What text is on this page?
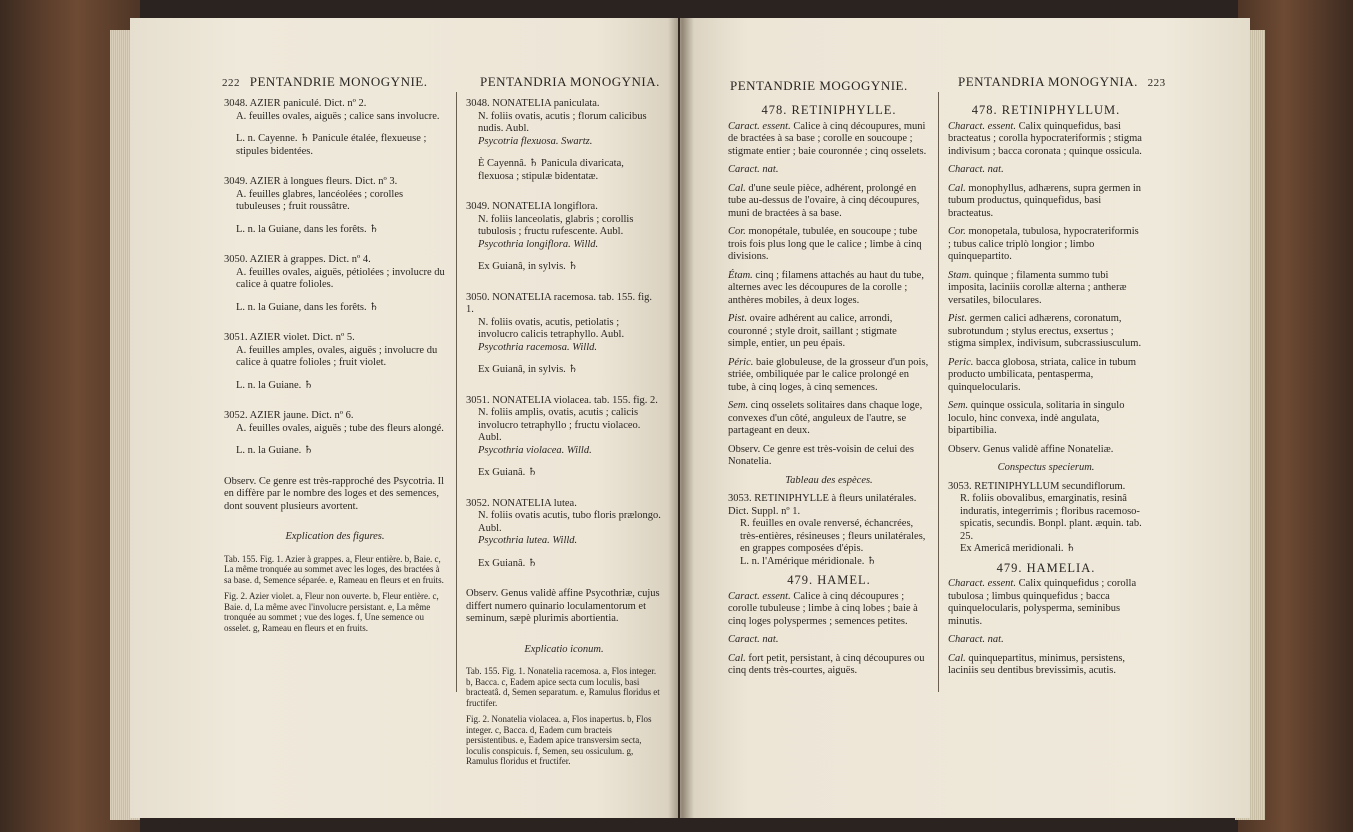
222 PENTANDRIE MONOGYNIE.	PENTANDRIA MONOGYNIA.

3048. AZIER paniculé. Dict. nº 2.

A. feuilles ovales, aiguës ; calice sans involucre.

L. n. Cayenne. ♄ Panicule étalée, flexueuse ; stipules bidentées.

3049. AZIER à longues fleurs. Dict. nº 3.

A. feuilles glabres, lancéolées ; corolles tubuleuses ; fruit roussâtre.

L. n. la Guiane, dans les forêts. ♄

3050. AZIER à grappes. Dict. nº 4.

A. feuilles ovales, aiguës, pétiolées ; involucre du calice à quatre folioles.

L. n. la Guiane, dans les forêts. ♄

3051. AZIER violet. Dict. nº 5.

A. feuilles amples, ovales, aiguës ; involucre du calice à quatre folioles ; fruit violet.

L. n. la Guiane. ♄

3052. AZIER jaune. Dict. nº 6.

A. feuilles ovales, aiguës ; tube des fleurs alongé.

L. n. la Guiane. ♄

Observ. Ce genre est très-rapproché des Psycotria. Il en diffère par le nombre des loges et des semences, dont souvent plusieurs avortent.

Explication des figures.

Tab. 155. Fig. 1. Azier à grappes. a, Fleur entière. b, Baie. c, La même tronquée au sommet avec les loges, des bractées à sa base. d, Semence séparée. e, Rameau en fleurs et en fruits.

Fig. 2. Azier violet. a, Fleur non ouverte. b, Fleur entière. c, Baie. d, La même avec l'involucre persistant. e, La même tronquée au sommet ; vue des loges. f, Une semence ou osselet. g, Rameau en fleurs et en fruits.

3048. NONATELIA paniculata.

N. foliis ovatis, acutis ; florum calicibus nudis. Aubl.

Psycotria flexuosa. Swartz.

È Cayennâ. ♄ Panicula divaricata, flexuosa ; stipulæ bidentatæ.

3049. NONATELIA longiflora.

N. foliis lanceolatis, glabris ; corollis tubulosis ; fructu rufescente. Aubl.

Psycothria longiflora. Willd.

Ex Guianâ, in sylvis. ♄

3050. NONATELIA racemosa. tab. 155. fig. 1.

N. foliis ovatis, acutis, petiolatis ; involucro calicis tetraphyllo. Aubl.

Psycothria racemosa. Willd.

Ex Guianâ, in sylvis. ♄

3051. NONATELIA violacea. tab. 155. fig. 2.

N. foliis amplis, ovatis, acutis ; calicis involucro tetraphyllo ; fructu violaceo. Aubl.

Psycothria violacea. Willd.

Ex Guianâ. ♄

3052. NONATELIA lutea.

N. foliis ovatis acutis, tubo floris prælongo. Aubl.

Psycothria lutea. Willd.

Ex Guianâ. ♄

Observ. Genus validè affine Psycothriæ, cujus differt numero quinario loculamentorum et seminum, sæpè plurimis abortientia.

Explicatio iconum.

Tab. 155. Fig. 1. Nonatelia racemosa. a, Flos integer. b, Bacca. c, Eadem apice secta cum loculis, basi bracteatâ. d, Semen separatum. e, Ramulus floridus et fructifer.

Fig. 2. Nonatelia violacea. a, Flos inapertus. b, Flos integer. c, Bacca. d, Eadem cum bracteis persistentibus. e, Eadem apice transversim secta, loculis conspicuis. f, Semen, seu ossiculum. g, Ramulus floridus et fructifer.

PENTANDRIE MOGOGYNIE.	PENTANDRIA MONOGYNIA. 223

478. RETINIPHYLLE.

Caract. essent. Calice à cinq découpures, muni de bractées à sa base ; corolle en soucoupe ; stigmate entier ; baie couronnée ; cinq osselets.

Caract. nat.

Cal. d'une seule pièce, adhérent, prolongé en tube au-dessus de l'ovaire, à cinq découpures, muni de bractées à sa base.

Cor. monopétale, tubulée, en soucoupe ; tube trois fois plus long que le calice ; limbe à cinq divisions.

Étam. cinq ; filamens attachés au haut du tube, alternes avec les découpures de la corolle ; anthères mobiles, à deux loges.

Pist. ovaire adhérent au calice, arrondi, couronné ; style droit, saillant ; stigmate simple, entier, un peu épais.

Péric. baie globuleuse, de la grosseur d'un pois, striée, ombiliquée par le calice prolongé en tube, à cinq loges, à cinq semences.

Sem. cinq osselets solitaires dans chaque loge, convexes d'un côté, anguleux de l'autre, se partageant en deux.

Observ. Ce genre est très-voisin de celui des Nonatelia.

Tableau des espèces.

3053. RETINIPHYLLE à fleurs unilatérales. Dict. Suppl. nº 1.

R. feuilles en ovale renversé, échancrées, très-entières, résineuses ; fleurs unilatérales, en grappes composées d'épis.

L. n. l'Amérique méridionale. ♄

479. HAMEL.

Caract. essent. Calice à cinq découpures ; corolle tubuleuse ; limbe à cinq lobes ; baie à cinq loges polyspermes ; semences petites.

Caract. nat.

Cal. fort petit, persistant, à cinq découpures ou cinq dents très-courtes, aiguës.

478. RETINIPHYLLUM.

Charact. essent. Calix quinquefidus, basi bracteatus ; corolla hypocrateriformis ; stigma indivisum ; bacca coronata ; quinque ossicula.

Charact. nat.

Cal. monophyllus, adhærens, supra germen in tubum productus, quinquefidus, basi bracteatus.

Cor. monopetala, tubulosa, hypocrateriformis ; tubus calice triplò longior ; limbo quinquepartito.

Stam. quinque ; filamenta summo tubi imposita, laciniis corollæ alterna ; antheræ versatiles, biloculares.

Pist. germen calici adhærens, coronatum, subrotundum ; stylus erectus, exsertus ; stigma simplex, indivisum, subcrassiusculum.

Peric. bacca globosa, striata, calice in tubum producto umbilicata, pentasperma, quinquelocularis.

Sem. quinque ossicula, solitaria in singulo loculo, hinc convexa, indè angulata, bipartibilia.

Observ. Genus validè affine Nonateliæ.

Conspectus specierum.

3053. RETINIPHYLLUM secundiflorum.

R. foliis obovalibus, emarginatis, resinâ induratis, integerrimis ; floribus racemoso-spicatis, secundis. Bonpl. plant. æquin. tab. 25.

Ex Americâ meridionali. ♄

479. HAMELIA.

Charact. essent. Calix quinquefidus ; corolla tubulosa ; limbus quinquefidus ; bacca quinquelocularis, polysperma, seminibus minutis.

Charact. nat.

Cal. quinquepartitus, minimus, persistens, laciniis seu dentibus brevissimis, acutis.
